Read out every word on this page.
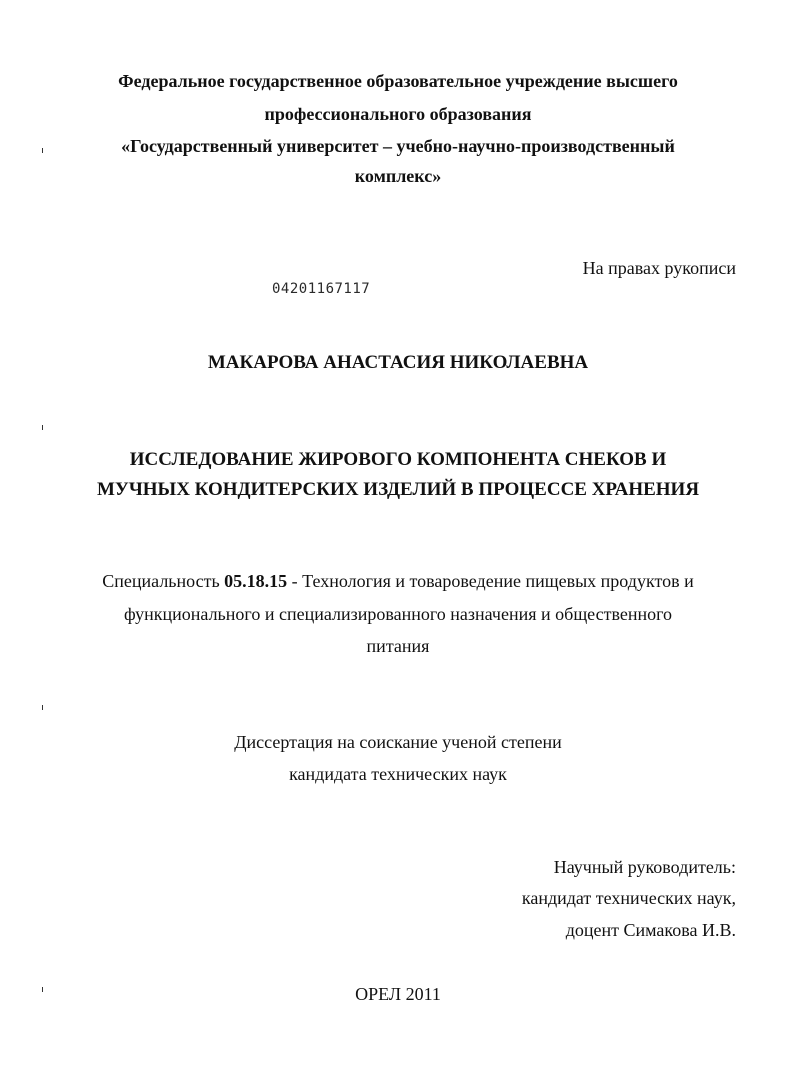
Федеральное государственное образовательное учреждение высшего
профессионального образования
«Государственный университет – учебно-научно-производственный
комплекс»
На правах рукописи
04201167117
МАКАРОВА АНАСТАСИЯ НИКОЛАЕВНА
ИССЛЕДОВАНИЕ ЖИРОВОГО КОМПОНЕНТА СНЕКОВ И
МУЧНЫХ КОНДИТЕРСКИХ ИЗДЕЛИЙ В ПРОЦЕССЕ ХРАНЕНИЯ
Специальность 05.18.15 - Технология и товароведение пищевых продуктов и
функционального и специализированного назначения и общественного
питания
Диссертация на соискание ученой степени
кандидата технических наук
Научный руководитель:
кандидат технических наук,
доцент Симакова И.В.
ОРЕЛ 2011
